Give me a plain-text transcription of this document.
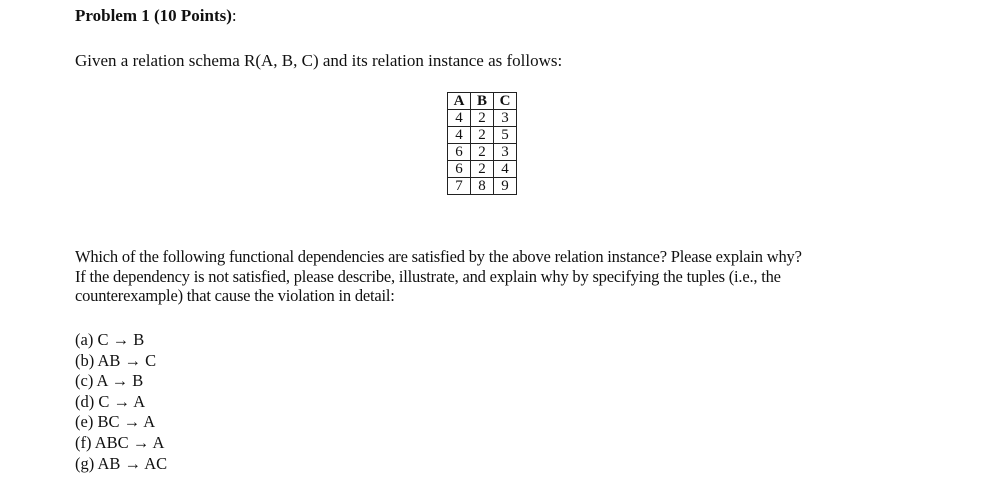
Problem 1 (10 Points):
Given a relation schema R(A, B, C) and its relation instance as follows:
A	B	C
4	2	3
4	2	5
6	2	3
6	2	4
7	8	9
Which of the following functional dependencies are satisfied by the above relation instance? Please explain why?
If the dependency is not satisfied, please describe, illustrate, and explain why by specifying the tuples (i.e., the
counterexample) that cause the violation in detail:
(a) C → B
(b) AB → C
(c) A → B
(d) C → A
(e) BC → A
(f) ABC → A
(g) AB → AC
